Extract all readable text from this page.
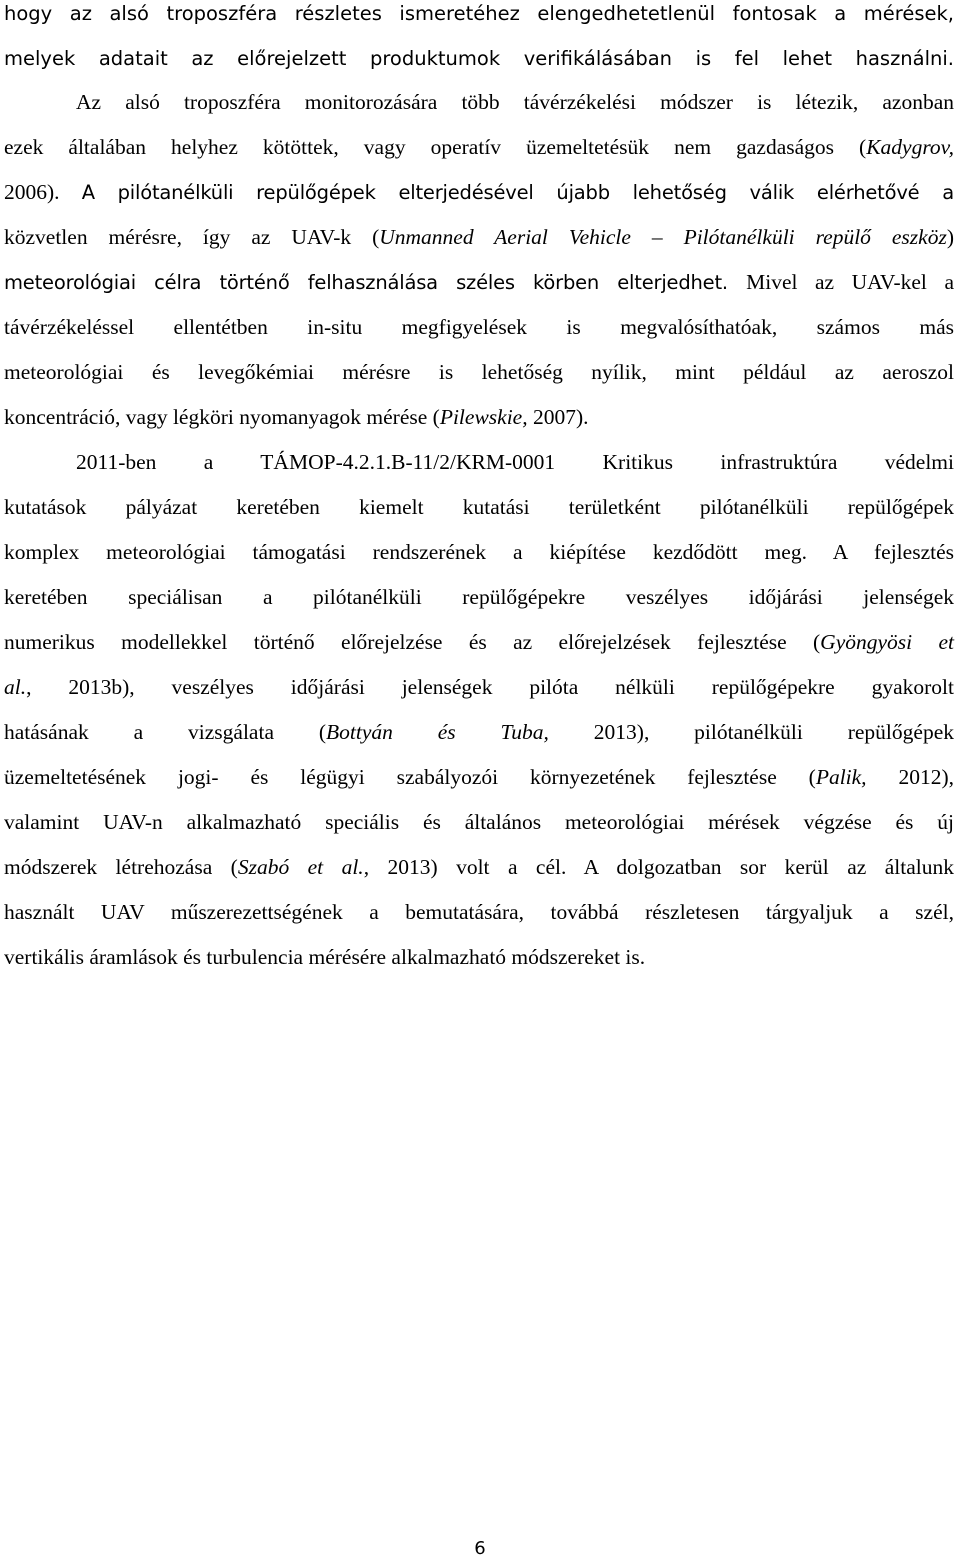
hogy az alsó troposzféra részletes ismeretéhez elengedhetetlenül fontosak a mérések,
melyek adatait az előrejelzett produktumok verifikálásában is fel lehet használni.
Az alsó troposzféra monitorozására több távérzékelési módszer is létezik, azonban
ezek általában helyhez kötöttek, vagy operatív üzemeltetésük nem gazdaságos (Kadygrov,
2006). A pilótanélküli repülőgépek elterjedésével újabb lehetőség válik elérhetővé a
közvetlen mérésre, így az UAV-k (Unmanned Aerial Vehicle – Pilótanélküli repülő eszköz)
meteorológiai célra történő felhasználása széles körben elterjedhet. Mivel az UAV-kel a
távérzékeléssel ellentétben in-situ megfigyelések is megvalósíthatóak, számos más
meteorológiai és levegőkémiai mérésre is lehetőség nyílik, mint például az aeroszol
koncentráció, vagy légköri nyomanyagok mérése (Pilewskie, 2007).
2011-ben a TÁMOP-4.2.1.B-11/2/KRM-0001 Kritikus infrastruktúra védelmi
kutatások pályázat keretében kiemelt kutatási területként pilótanélküli repülőgépek
komplex meteorológiai támogatási rendszerének a kiépítése kezdődött meg. A fejlesztés
keretében speciálisan a pilótanélküli repülőgépekre veszélyes időjárási jelenségek
numerikus modellekkel történő előrejelzése és az előrejelzések fejlesztése (Gyöngyösi et
al., 2013b), veszélyes időjárási jelenségek pilóta nélküli repülőgépekre gyakorolt
hatásának a vizsgálata (Bottyán és Tuba, 2013), pilótanélküli repülőgépek
üzemeltetésének jogi- és légügyi szabályozói környezetének fejlesztése (Palik, 2012),
valamint UAV-n alkalmazható speciális és általános meteorológiai mérések végzése és új
módszerek létrehozása (Szabó et al., 2013) volt a cél. A dolgozatban sor kerül az általunk
használt UAV műszerezettségének a bemutatására, továbbá részletesen tárgyaljuk a szél,
vertikális áramlások és turbulencia mérésére alkalmazható módszereket is.
6
